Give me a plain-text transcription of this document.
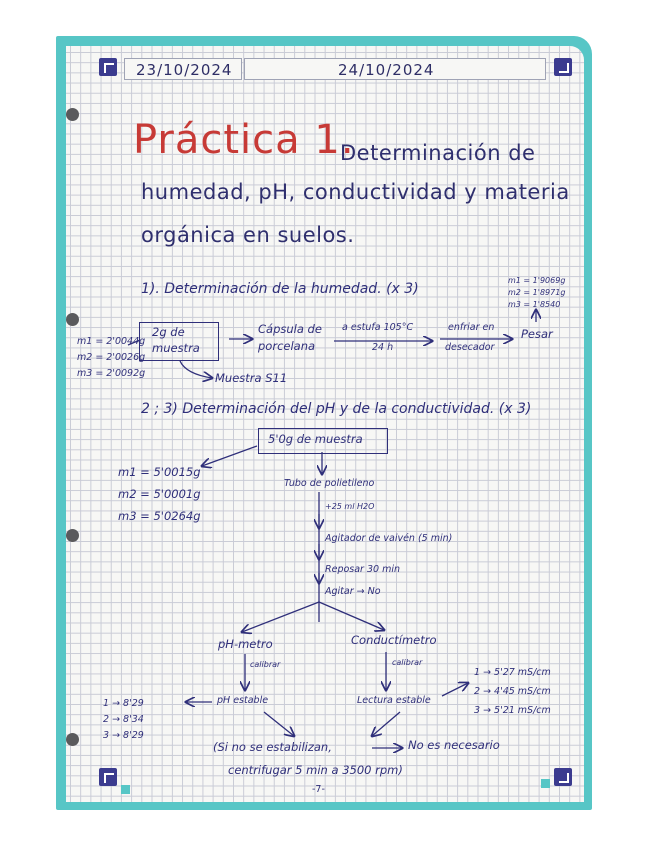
23/10/2024	24/10/2024
Práctica 1.
Determinación de
humedad, pH, conductividad y materia
orgánica en suelos.
1). Determinación de la humedad. (x 3)
m1 = 1'9069g
m2 = 1'8971g
m3 = 1'8540
2g de
muestra
m1 = 2'0044g
m2 = 2'0026g
m3 = 2'0092g
Cápsula de
porcelana
a estufa 105°C
24 h
enfriar en
desecador
Pesar
Muestra S11
2 ; 3) Determinación del pH y de la conductividad. (x 3)
5'0g de muestra
m1 = 5'0015g
m2 = 5'0001g
m3 = 5'0264g
Tubo de polietileno
+25 ml H2O
Agitador de vaivén (5 min)
Reposar 30 min
Agitar → No
pH-metro	Conductímetro
calibrar	calibrar
pH estable	Lectura estable
1 → 8'29
2 → 8'34
3 → 8'29
1 → 5'27 mS/cm
2 → 4'45 mS/cm
3 → 5'21 mS/cm
(Si no se estabilizan,	No es necesario
centrifugar 5 min a 3500 rpm)
-7-
